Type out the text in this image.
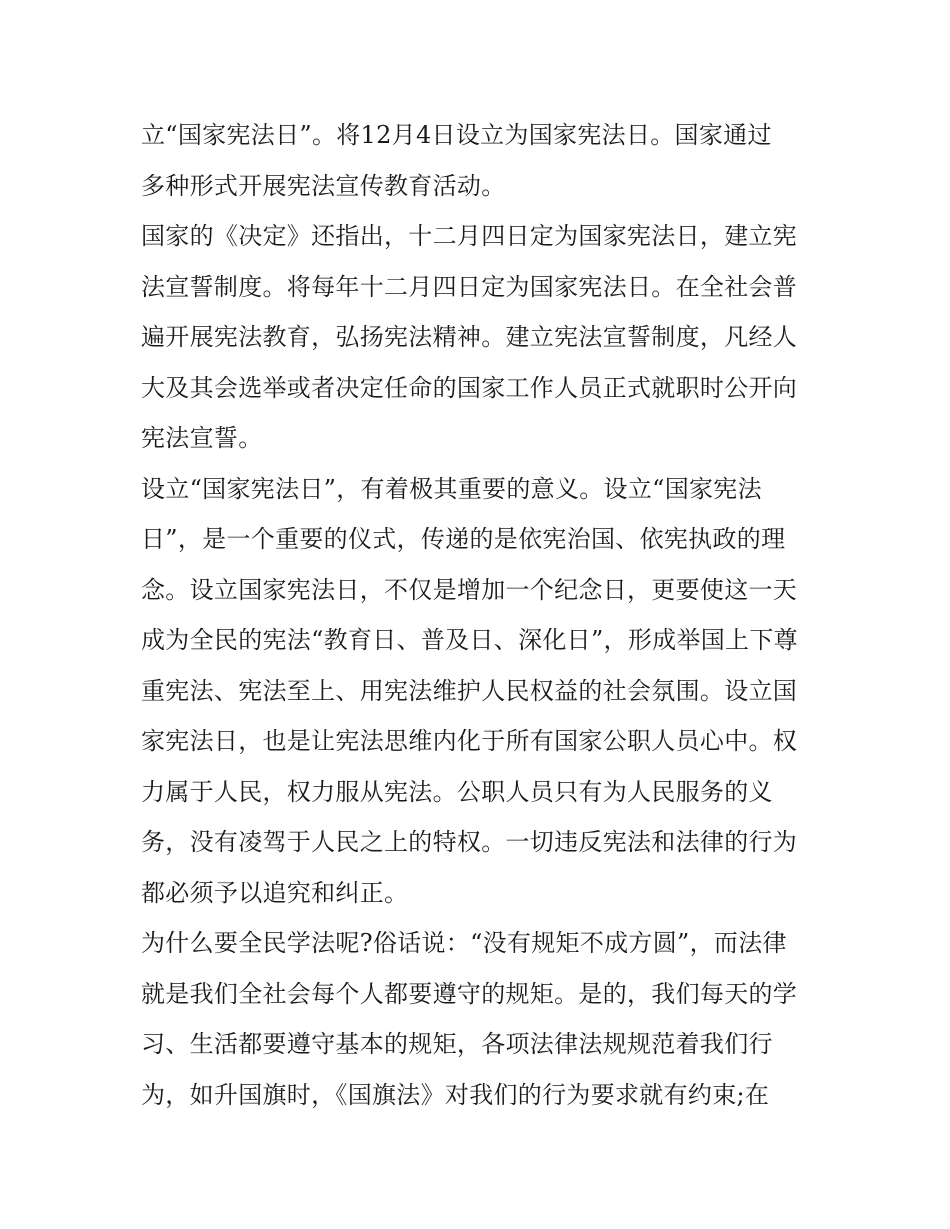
立“国家宪法日”。将12月4日设立为国家宪法日。国家通过
多种形式开展宪法宣传教育活动。
国家的《决定》还指出，十二月四日定为国家宪法日，建立宪
法宣誓制度。将每年十二月四日定为国家宪法日。在全社会普
遍开展宪法教育，弘扬宪法精神。建立宪法宣誓制度，凡经人
大及其会选举或者决定任命的国家工作人员正式就职时公开向
宪法宣誓。
设立“国家宪法日”，有着极其重要的意义。设立“国家宪法
日”，是一个重要的仪式，传递的是依宪治国、依宪执政的理
念。设立国家宪法日，不仅是增加一个纪念日，更要使这一天
成为全民的宪法“教育日、普及日、深化日”，形成举国上下尊
重宪法、宪法至上、用宪法维护人民权益的社会氛围。设立国
家宪法日，也是让宪法思维内化于所有国家公职人员心中。权
力属于人民，权力服从宪法。公职人员只有为人民服务的义
务，没有凌驾于人民之上的特权。一切违反宪法和法律的行为
都必须予以追究和纠正。
为什么要全民学法呢?俗话说：“没有规矩不成方圆”，而法律
就是我们全社会每个人都要遵守的规矩。是的，我们每天的学
习、生活都要遵守基本的规矩，各项法律法规规范着我们行
为，如升国旗时，《国旗法》对我们的行为要求就有约束;在
